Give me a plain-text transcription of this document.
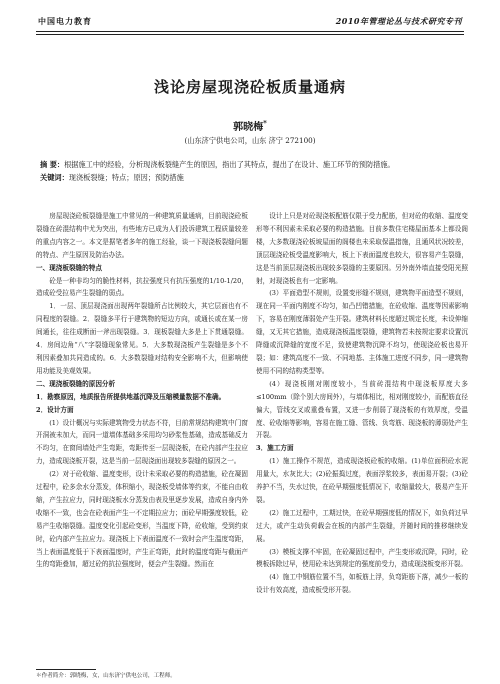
中国电力教育	2010年管理论丛与技术研究专刊
浅论房屋现浇砼板质量通病
郭晓梅*
(山东济宁供电公司，山东 济宁 272100)
摘 要：根据施工中的经验，分析现浇板裂缝产生的原因，指出了其特点，提出了在设计、施工环节的预防措施。
关键词：现浇板裂缝；特点；原因；预防措施

房屋现浇砼板裂缝是施工中常见的一种建筑质量通病，目前现浇砼板裂缝在砖混结构中尤为突出，有些地方已成为人们投诉建筑工程质量较差的重点内容之一。本文是据笔者多年的施工经验，谈一下现浇板裂缝问题的特点、产生原因及防治办法。

一、现浇板裂缝的特点

砼是一种非均匀的脆性材料，抗拉强度只有抗压强度的1/10-1/20，造成砼受拉易产生裂缝的弱点。

1．一层、顶层现浇面出现两年裂缝所占比例较大，其它层面也有不同程度的裂缝。2．裂缝多平行于建筑物的短边方向，或通长或在某一房间通长，往往成断面一斧出现裂缝。3．现板裂缝大多是上下贯通裂缝。4．房间边角“八”字裂缝现象常见。5．大多数现浇板产生裂缝是多个不利因素叠加共同造成的。6．大多数裂缝对结构安全影响不大，但影响使用功能及美观效果。

二、现浇板裂缝的原因分析

1．勘察原因，地质报告所提供地基沉降及压缩模量数据不准确。

2．设计方面

(1）设计概况与实际建筑物受力状态不符，目前常规结构建筑中门窗开洞被未加大，而同一道墙体基础多采用均匀砂浆性基础，造成基础反力不均匀，在窗间墙处产生弯距，弯距传至一层现浇板，在砼内部产生拉应力，造成现浇板开裂，这是当前一层现浇面出现较多裂缝的原因之一。

(2）对于砼收缩、温度变形，设计未采取必要的构造措施，砼在凝固过程中，砼多余水分蒸发，体积缩小，现浇板受墙体等约束，不能自由收缩，产生拉应力，同时现浇板水分蒸发由表及里逐步发展，造成自身内外收缩不一致，也会在砼表面产生一不定期拉应力；面砼早期强度较低，砼易产生收缩裂缝。温度变化引起砼变形，当温度下降，砼收缩，受到约束时，砼内部产生拉应力。现浇板上下表面温度不一致时会产生温度弯距，当上表面温度低于下表面温度时，产生正弯距，此时的温度弯距与截面产生的弯距叠加，超过砼的抗拉强度时，便会产生裂缝。然而在

设计上只是对砼现浇板配筋仅限于受力配筋，但对砼的收缩、温度变形等不利因素未采取必要的构造措施。目前多数住宅楼屋面基本上都设阁楼，大多数现浇砼板坡屋面的阁楼也未采取保温措施，且通风状况较差，顶层现浇砼板受温度影响大，板上下表面温度也较大，很容易产生裂缝，这是当前顶层现浇板出现较多裂缝的主要原因。另外南外墙直接受阳光照射，对现浇板也有一定影响。

(3）平面造型不规则，设置变形缝不规则，建筑物平面造型不规则，现在同一平面内刚度不均匀，如凸凹错措施，在砼收缩、温度等因素影响下，容易在刚度薄弱处产生开裂。建筑材料长度超过规定长度，未设伸缩缝，又无其它措施，造成现浇板温度裂缝，建筑物若未按规定要求设置沉降缝或沉降缝的宽度不足，致使建筑物沉降不均匀，使现浇砼板也易开裂；如：建筑高度不一致、不同地基、主体施工进度不同步，同一建筑物使用不同的结构类型等。

(4）现浇板刚对刚度较小，当前砖混结构中现浇板厚度大多≤100mm（除个别大房间外），与墙体相比，相对刚度较小，而配筋直径偏大，管线交叉或重叠布置，又进一步削弱了现浇板的有效厚度，受温度、砼收缩等影响，容易在施工缝、管线、负弯筋、现浇板的薄弱处产生开裂。

3．施工方面

(1）施工操作不规范，造成现浇板砼板的收缩。(1)单位面积砼水泥用量大，水灰比大；(2)砼振捣过度，表面浮浆较多，表面易开裂；(3)砼养护不当，失水过快，在砼早期强度低情况下，收缩量较大，极易产生开裂。

(2）施工过程中，工期过快，在砼早期强度低的情况下，如负荷过早过大，或产生动负荷载会在板的内部产生裂缝，并随时间的推移继续发展。

(3）模板支撑不牢固，在砼凝固过程中，产生变形或沉降，同时，砼模板拆除过早，使用砼未达到规定的强度前受力，造成现浇板变形开裂。

(4）施工中钢筋位置不当，如板筋上浮，负弯距筋下落，减少一板的设计有效高度，造成板受形开裂。

＊作者简介：郭晓梅，女，山东济宁供电公司，工程师。
